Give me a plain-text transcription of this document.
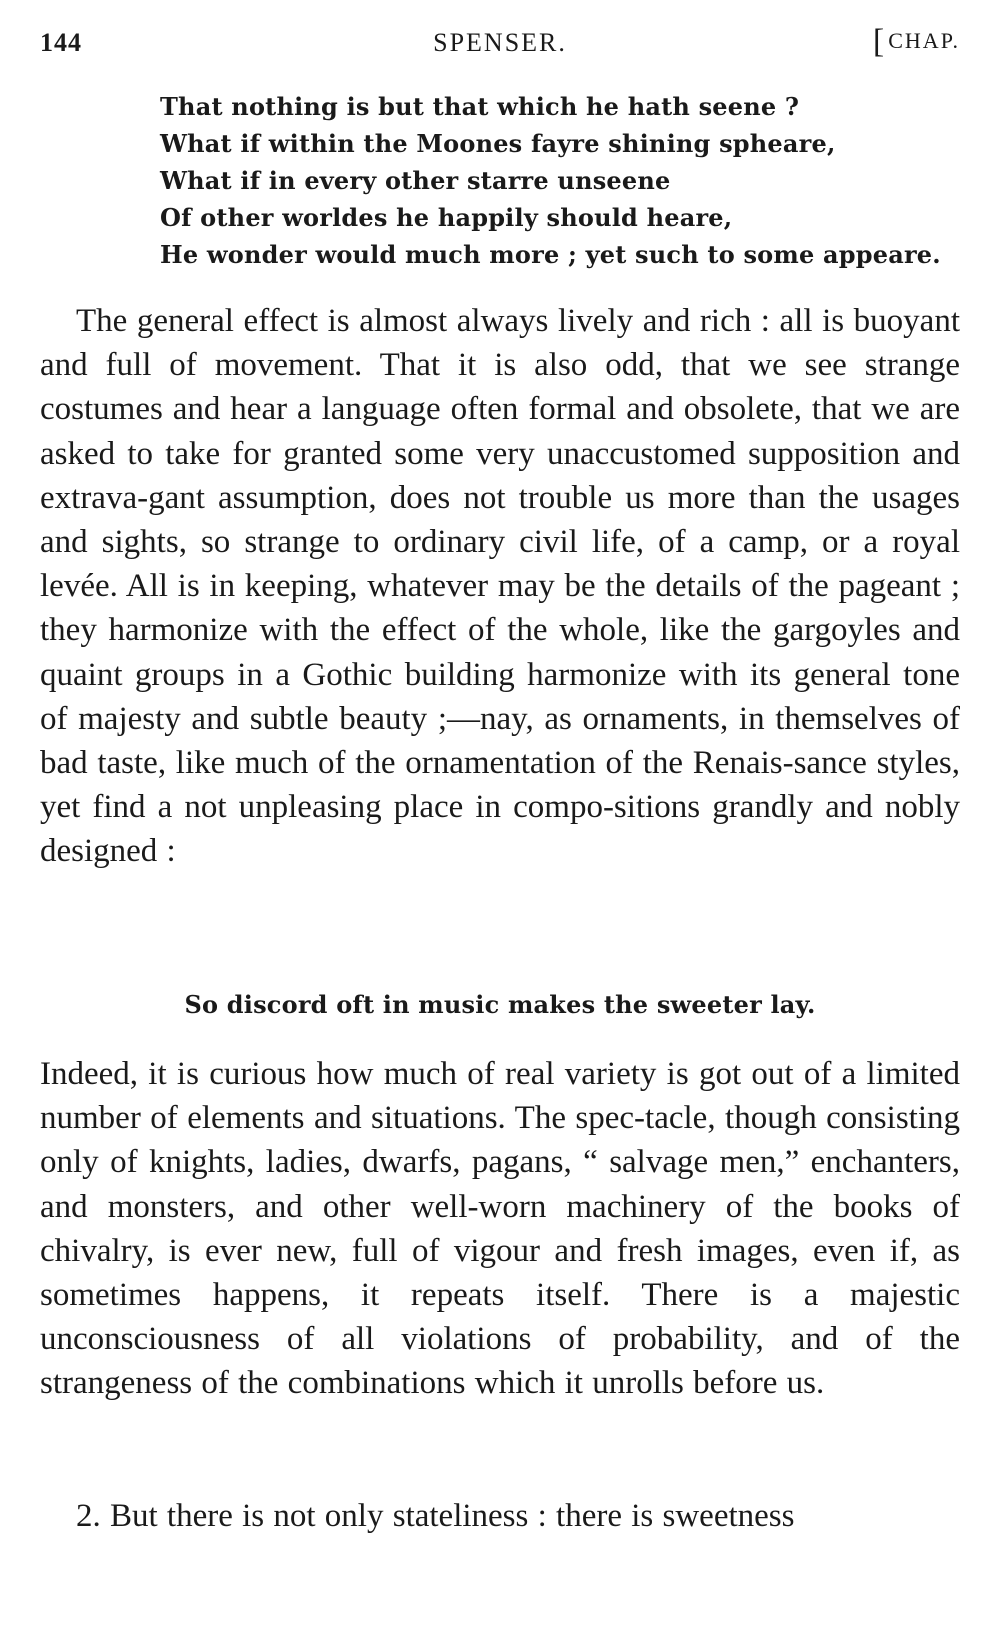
144	SPENSER.	[CHAP.
That nothing is but that which he hath seene ?
What if within the Moones fayre shining spheare,
What if in every other starre unseene
Of other worldes he happily should heare,
He wonder would much more ; yet such to some appeare.
The general effect is almost always lively and rich : all is buoyant and full of movement. That it is also odd, that we see strange costumes and hear a language often formal and obsolete, that we are asked to take for granted some very unaccustomed supposition and extrava-gant assumption, does not trouble us more than the usages and sights, so strange to ordinary civil life, of a camp, or a royal levée. All is in keeping, whatever may be the details of the pageant ; they harmonize with the effect of the whole, like the gargoyles and quaint groups in a Gothic building harmonize with its general tone of majesty and subtle beauty ;—nay, as ornaments, in themselves of bad taste, like much of the ornamentation of the Renais-sance styles, yet find a not unpleasing place in compo-sitions grandly and nobly designed :
So discord oft in music makes the sweeter lay.
Indeed, it is curious how much of real variety is got out of a limited number of elements and situations. The spec-tacle, though consisting only of knights, ladies, dwarfs, pagans, “ salvage men,” enchanters, and monsters, and other well-worn machinery of the books of chivalry, is ever new, full of vigour and fresh images, even if, as sometimes happens, it repeats itself. There is a majestic unconsciousness of all violations of probability, and of the strangeness of the combinations which it unrolls before us.
2. But there is not only stateliness : there is sweetness
